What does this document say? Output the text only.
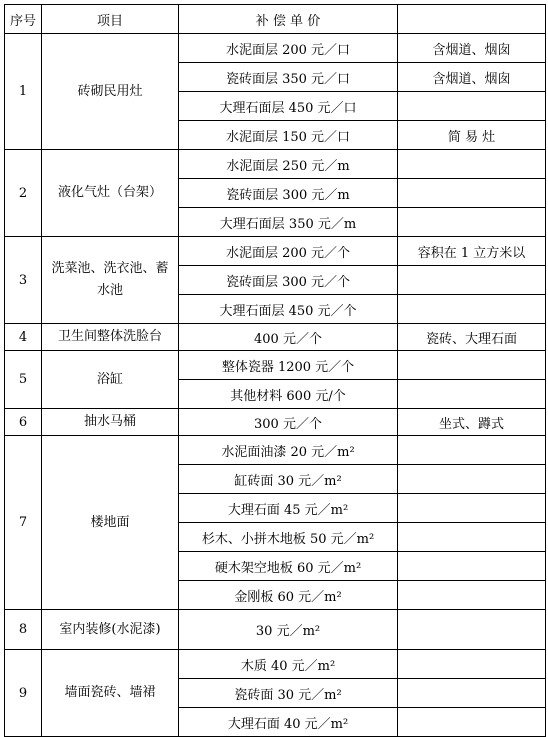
序号	项目	补 偿 单 价	
1	砖砌民用灶	水泥面层 200 元／口	含烟道、烟囱
		瓷砖面层 350 元／口	含烟道、烟囱
		大理石面层 450 元／口	
		水泥面层 150 元／口	简 易 灶
2	液化气灶（台架）	水泥面层 250 元／m	
		瓷砖面层 300 元／m	
		大理石面层 350 元／m	
3	洗菜池、洗衣池、蓄水池	水泥面层 200 元／个	容积在 1 立方米以
		瓷砖面层 300 元／个	
		大理石面层 450 元／个	
4	卫生间整体洗脸台	400 元／个	瓷砖、大理石面
5	浴缸	整体瓷器 1200 元／个	
		其他材料 600 元/个	
6	抽水马桶	300 元／个	坐式、蹲式
7	楼地面	水泥面油漆 20 元／m²	
		缸砖面 30 元／m²	
		大理石面 45 元／m²	
		杉木、小拼木地板 50 元／m²	
		硬木架空地板 60 元／m²	
		金刚板 60 元／m²	
8	室内装修(水泥漆)	30 元／m²	
9	墙面瓷砖、墙裙	木质 40 元／m²	
		瓷砖面 30 元／m²	
		大理石面 40 元／m²	
